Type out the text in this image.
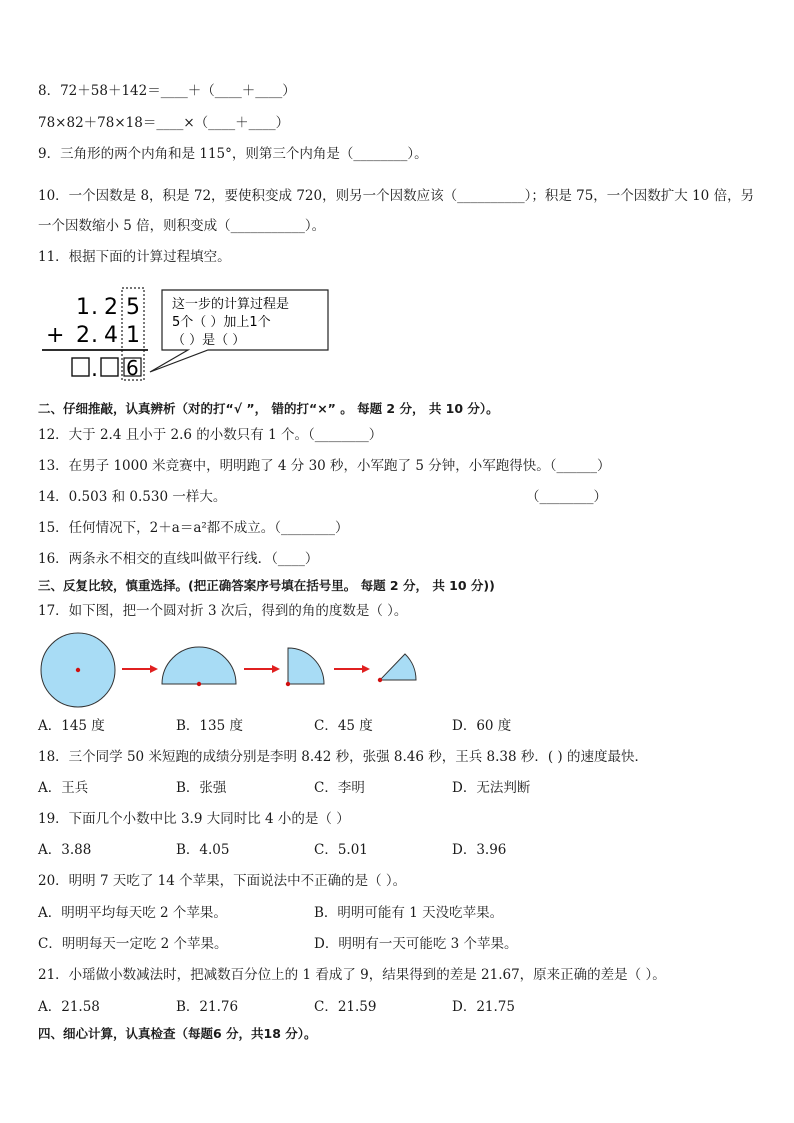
8．72＋58＋142＝____＋（____＋____）
78×82＋78×18＝____×（____＋____）
9．三角形的两个内角和是 115°，则第三个内角是（________）。
10．一个因数是 8，积是 72，要使积变成 720，则另一个因数应该（__________）；积是 75，一个因数扩大 10 倍，另
一个因数缩小 5 倍，则积变成（___________）。
11．根据下面的计算过程填空。
1 . 2 5
+ 2 . 4 1
. 6
这一步的计算过程是
5个（ ）加上1个
（ ）是（ ）
二、仔细推敲，认真辨析（对的打“√ ”， 错的打“×” 。 每题 2 分， 共 10 分）。
12．大于 2.4 且小于 2.6 的小数只有 1 个。（________）
13．在男子 1000 米竞赛中，明明跑了 4 分 30 秒，小军跑了 5 分钟，小军跑得快。（______）
14．0.503 和 0.530 一样大。	（________）
15．任何情况下，2＋a＝a²都不成立。（________）
16．两条永不相交的直线叫做平行线．（____）
三、反复比较，慎重选择。(把正确答案序号填在括号里。 每题 2 分， 共 10 分))
17．如下图，把一个圆对折 3 次后，得到的角的度数是（ ）。
A．145 度	B．135 度	C．45 度	D．60 度
18．三个同学 50 米短跑的成绩分别是李明 8.42 秒，张强 8.46 秒，王兵 8.38 秒．( ) 的速度最快．
A．王兵	B．张强	C．李明	D．无法判断
19．下面几个小数中比 3.9 大同时比 4 小的是（ ）
A．3.88	B．4.05	C．5.01	D．3.96
20．明明 7 天吃了 14 个苹果，下面说法中不正确的是（ ）。
A．明明平均每天吃 2 个苹果。	B．明明可能有 1 天没吃苹果。
C．明明每天一定吃 2 个苹果。	D．明明有一天可能吃 3 个苹果。
21．小瑶做小数减法时，把减数百分位上的 1 看成了 9，结果得到的差是 21.67，原来正确的差是（ ）。
A．21.58	B．21.76	C．21.59	D．21.75
四、细心计算，认真检查（每题6 分，共18 分）。
